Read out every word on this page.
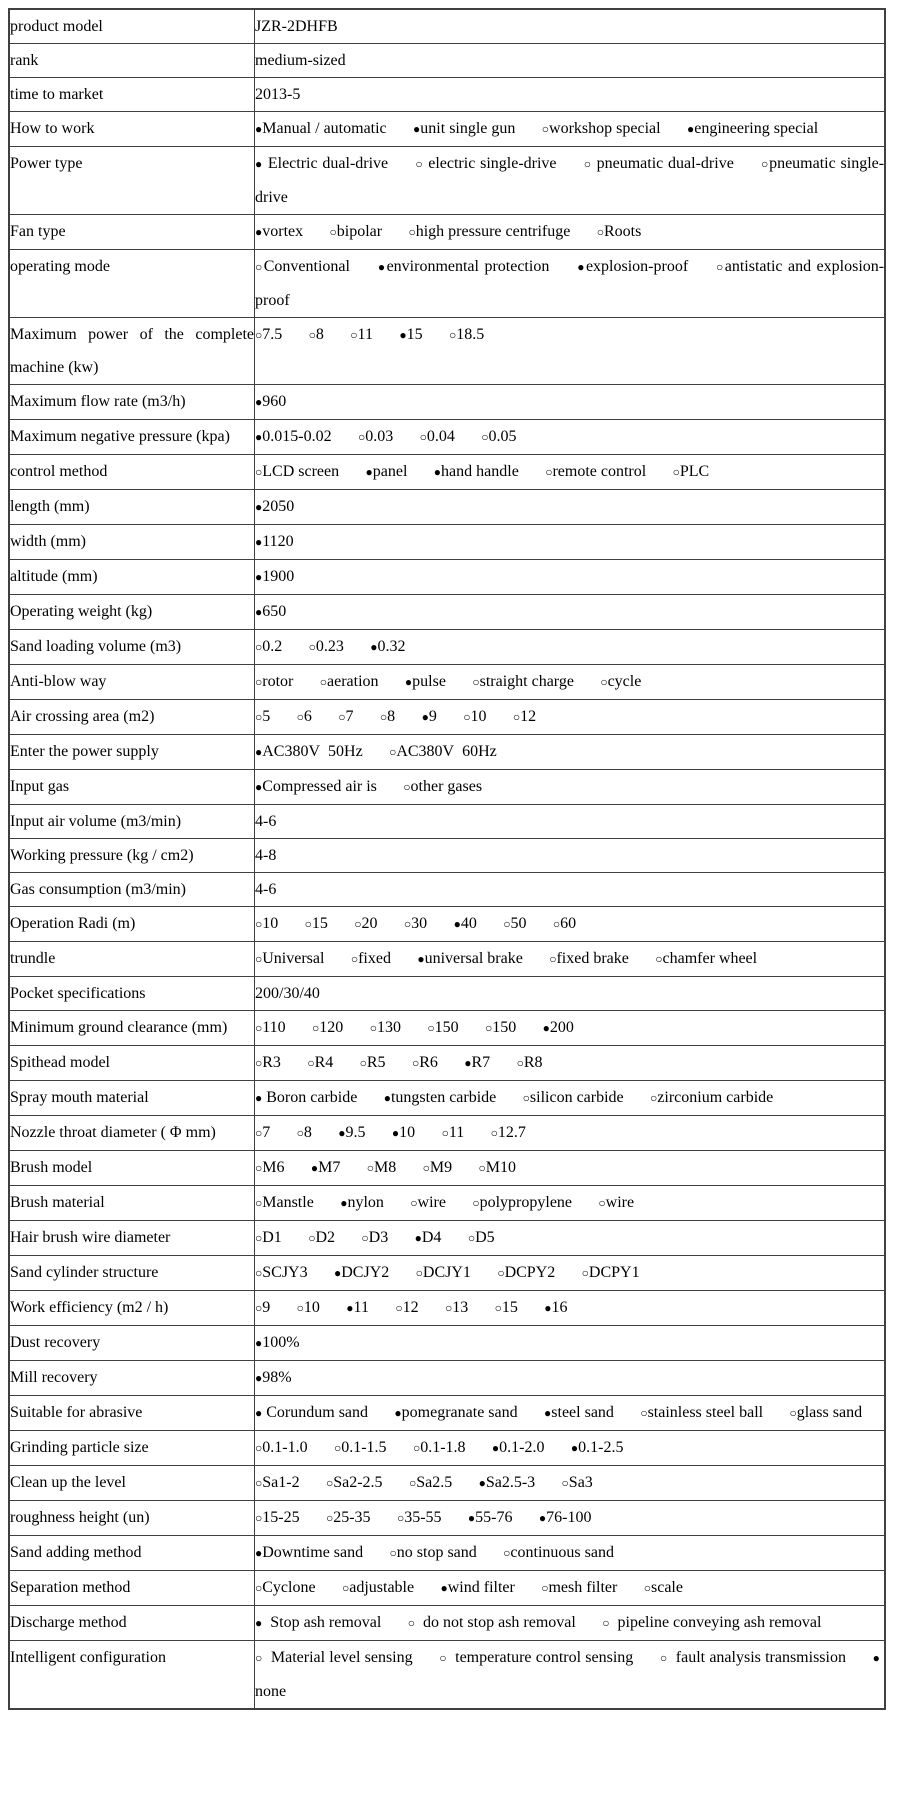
product model	JZR-2DHFB
rank	medium-sized
time to market	2013-5
How to work	●Manual / automatic ●unit single gun ○workshop special ●engineering special
Power type	● Electric dual-drive ○ electric single-drive ○ pneumatic dual-drive ○pneumatic single-drive
Fan type	●vortex ○bipolar ○high pressure centrifuge ○Roots
operating mode	○Conventional ●environmental protection ●explosion-proof ○antistatic and explosion-proof
Maximum power of the complete machine (kw)	○7.5 ○8 ○11 ●15 ○18.5
Maximum flow rate (m3/h)	●960
Maximum negative pressure (kpa)	●0.015-0.02 ○0.03 ○0.04 ○0.05
control method	○LCD screen ●panel ●hand handle ○remote control ○PLC
length (mm)	●2050
width (mm)	●1120
altitude (mm)	●1900
Operating weight (kg)	●650
Sand loading volume (m3)	○0.2 ○0.23 ●0.32
Anti-blow way	○rotor ○aeration ●pulse ○straight charge ○cycle
Air crossing area (m2)	○5 ○6 ○7 ○8 ●9 ○10 ○12
Enter the power supply	●AC380V  50Hz ○AC380V  60Hz
Input gas	●Compressed air is ○other gases
Input air volume (m3/min)	4-6
Working pressure (kg / cm2)	4-8
Gas consumption (m3/min)	4-6
Operation Radi (m)	○10 ○15 ○20 ○30 ●40 ○50 ○60
trundle	○Universal ○fixed ●universal brake ○fixed brake ○chamfer wheel
Pocket specifications	200/30/40
Minimum ground clearance (mm)	○110 ○120 ○130 ○150 ○150 ●200
Spithead model	○R3 ○R4 ○R5 ○R6 ●R7 ○R8
Spray mouth material	● Boron carbide ●tungsten carbide ○silicon carbide ○zirconium carbide
Nozzle throat diameter ( Φ mm)	○7 ○8 ●9.5 ●10 ○11 ○12.7
Brush model	○M6 ●M7 ○M8 ○M9 ○M10
Brush material	○Manstle ●nylon ○wire ○polypropylene ○wire
Hair brush wire diameter	○D1 ○D2 ○D3 ●D4 ○D5
Sand cylinder structure	○SCJY3 ●DCJY2 ○DCJY1 ○DCPY2 ○DCPY1
Work efficiency (m2 / h)	○9 ○10 ●11 ○12 ○13 ○15 ●16
Dust recovery	●100%
Mill recovery	●98%
Suitable for abrasive	● Corundum sand ●pomegranate sand ●steel sand ○stainless steel ball ○glass sand
Grinding particle size	○0.1-1.0 ○0.1-1.5 ○0.1-1.8 ●0.1-2.0 ●0.1-2.5
Clean up the level	○Sa1-2 ○Sa2-2.5 ○Sa2.5 ●Sa2.5-3 ○Sa3
roughness height (un)	○15-25 ○25-35 ○35-55 ●55-76 ●76-100
Sand adding method	●Downtime sand ○no stop sand ○continuous sand
Separation method	○Cyclone ○adjustable ●wind filter ○mesh filter ○scale
Discharge method	●  Stop ash removal ○  do not stop ash removal ○  pipeline conveying ash removal
Intelligent configuration	○  Material level sensing ○  temperature control sensing ○  fault analysis transmission ●  none
